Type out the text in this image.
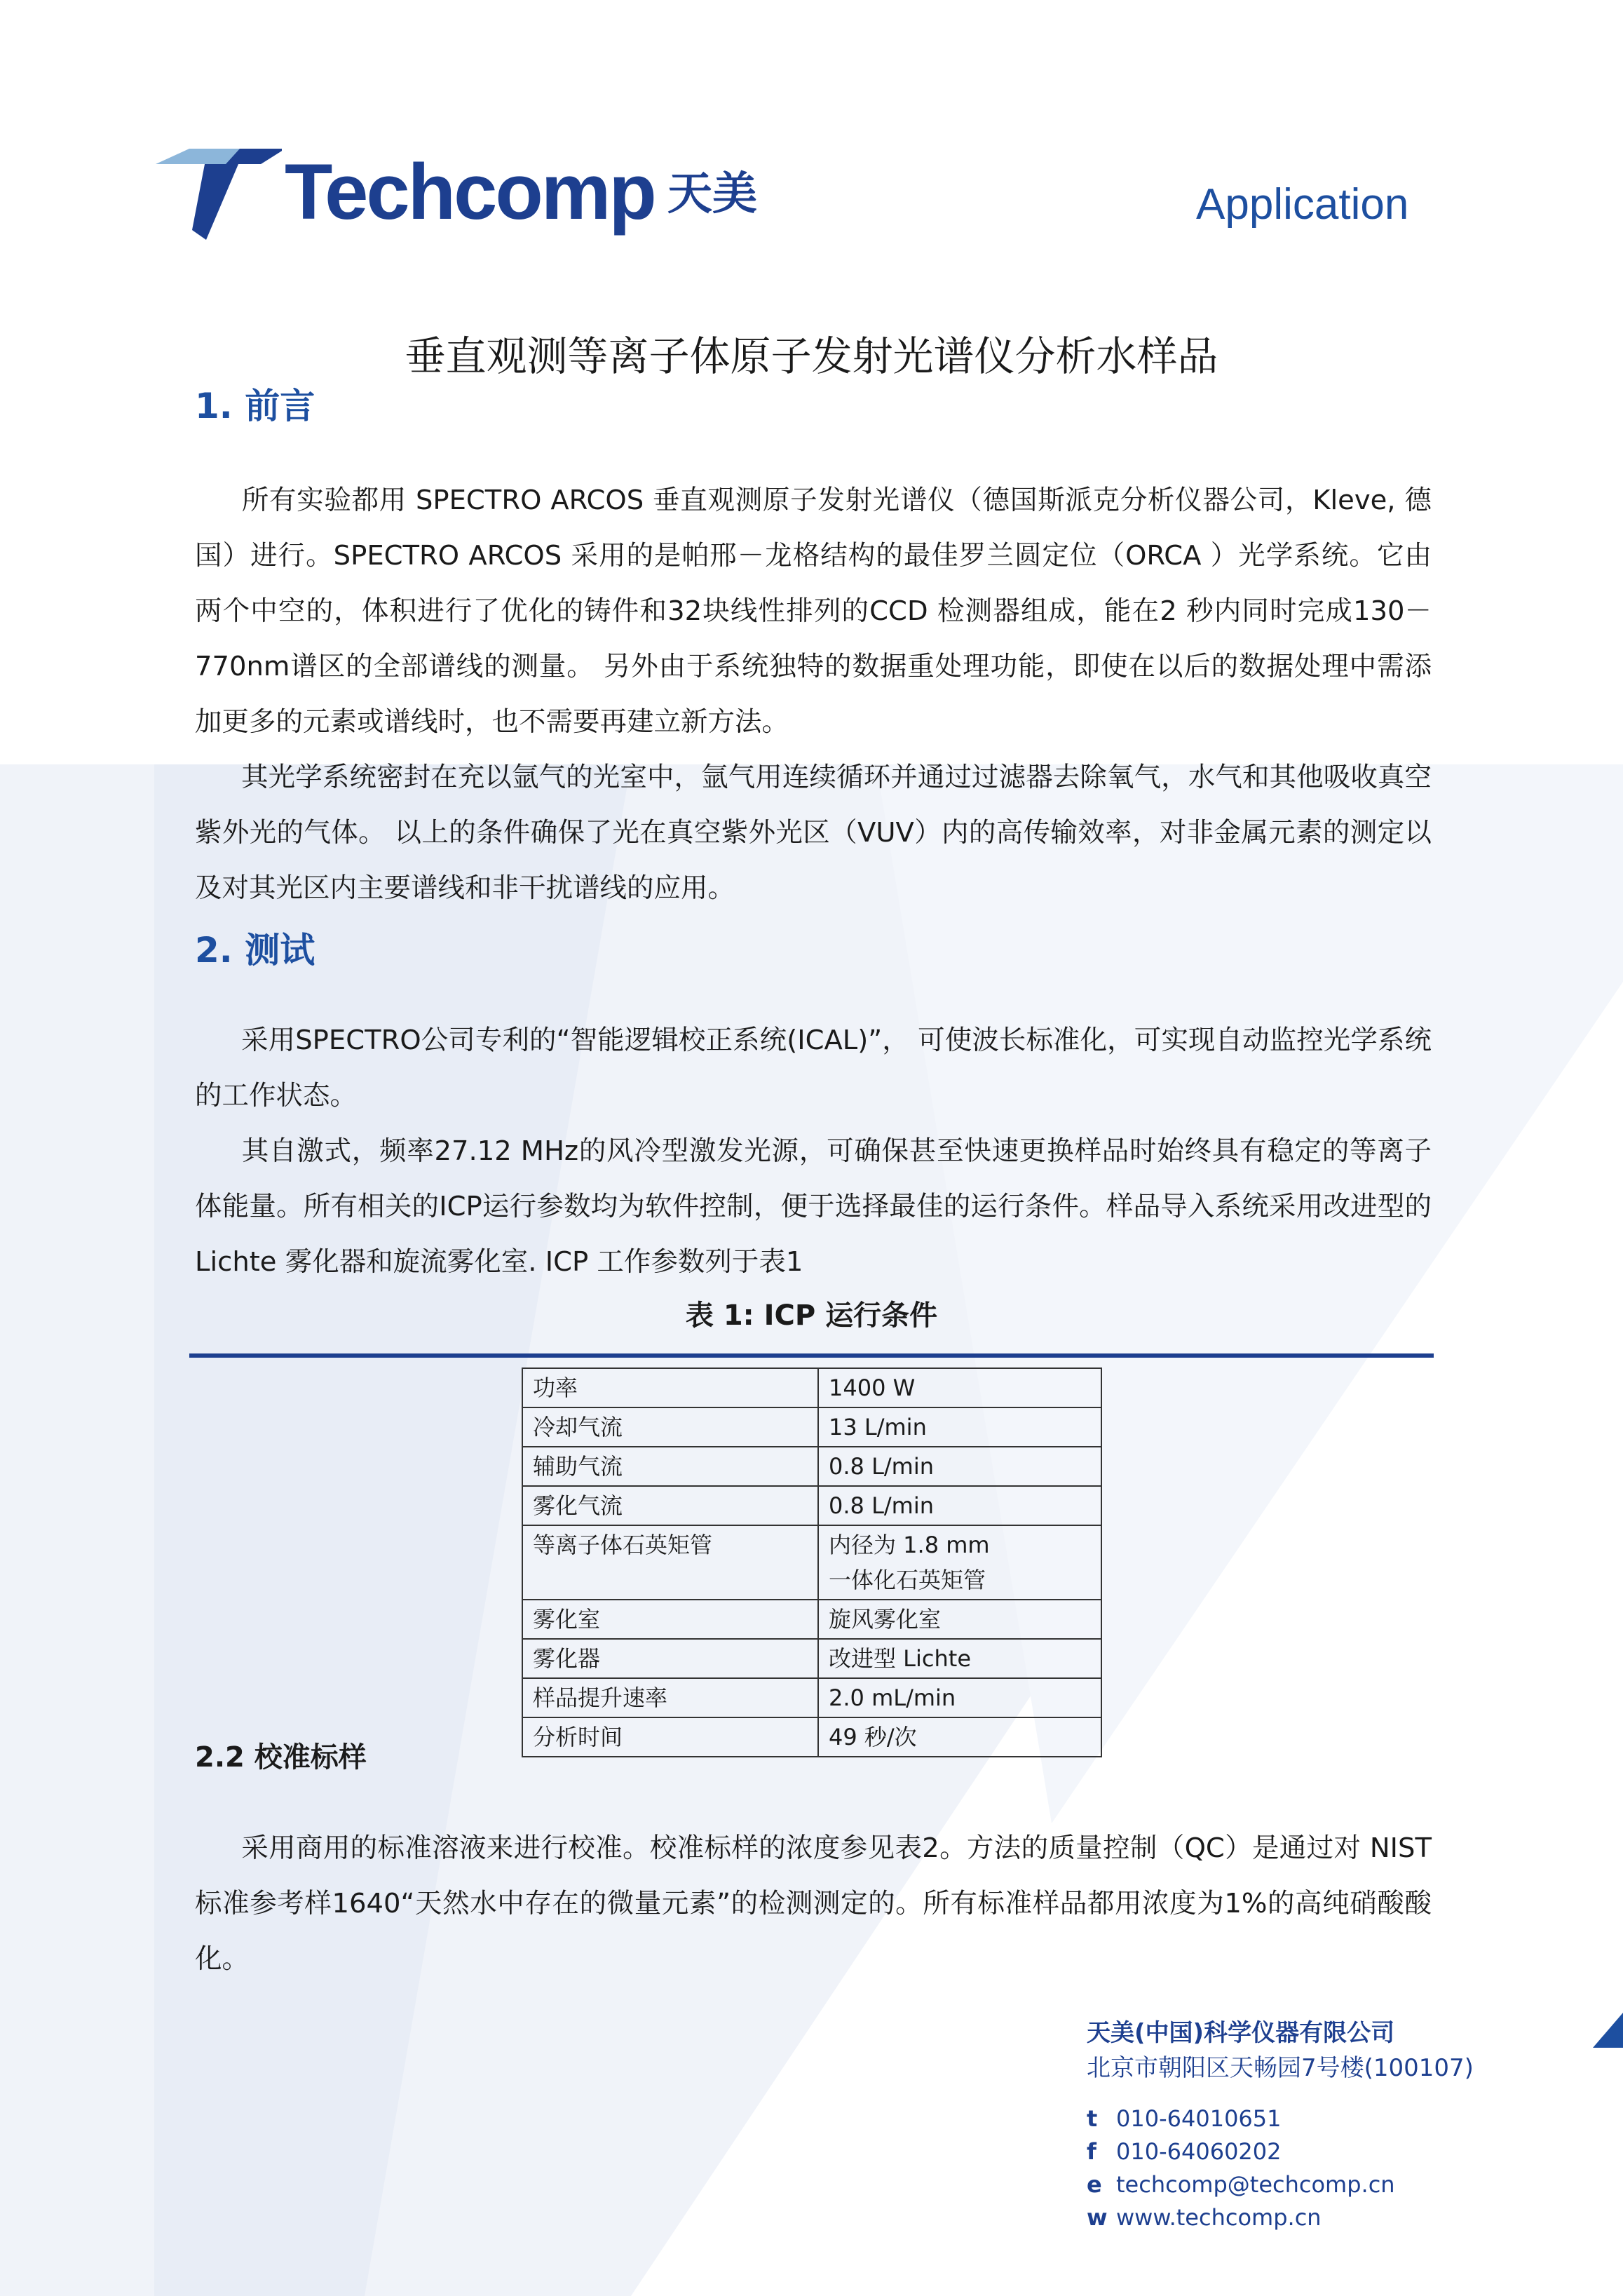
Techcomp 天美	Application
垂直观测等离子体原子发射光谱仪分析水样品
1. 前言

所有实验都用 SPECTRO ARCOS 垂直观测原子发射光谱仪（德国斯派克分析仪器公司，Kleve, 德国）进行。SPECTRO ARCOS 采用的是帕邢－龙格结构的最佳罗兰圆定位（ORCA ）光学系统。它由两个中空的，体积进行了优化的铸件和32块线性排列的CCD 检测器组成，能在2 秒内同时完成130－770nm谱区的全部谱线的测量。 另外由于系统独特的数据重处理功能，即使在以后的数据处理中需添加更多的元素或谱线时，也不需要再建立新方法。

其光学系统密封在充以氩气的光室中，氩气用连续循环并通过过滤器去除氧气，水气和其他吸收真空紫外光的气体。 以上的条件确保了光在真空紫外光区（VUV）内的高传输效率，对非金属元素的测定以及对其光区内主要谱线和非干扰谱线的应用。

2. 测试

采用SPECTRO公司专利的“智能逻辑校正系统(ICAL)”， 可使波长标准化，可实现自动监控光学系统的工作状态。

其自激式，频率27.12 MHz的风冷型激发光源，可确保甚至快速更换样品时始终具有稳定的等离子体能量。所有相关的ICP运行参数均为软件控制，便于选择最佳的运行条件。样品导入系统采用改进型的Lichte 雾化器和旋流雾化室. ICP 工作参数列于表1

表 1: ICP 运行条件
功率	1400 W
冷却气流	13 L/min
辅助气流	0.8 L/min
雾化气流	0.8 L/min
等离子体石英矩管	内径为 1.8 mm
一体化石英矩管

雾化室	旋风雾化室
雾化器	改进型 Lichte
样品提升速率	2.0 mL/min
分析时间	49 秒/次
2.2 校准标样

采用商用的标准溶液来进行校准。校准标样的浓度参见表2。方法的质量控制（QC）是通过对 NIST 标准参考样1640“天然水中存在的微量元素”的检测测定的。所有标准样品都用浓度为1%的高纯硝酸酸化。

天美(中国)科学仪器有限公司
北京市朝阳区天畅园7号楼(100107)
t 010-64010651
f 010-64060202
e techcomp@techcomp.cn
w www.techcomp.cn
